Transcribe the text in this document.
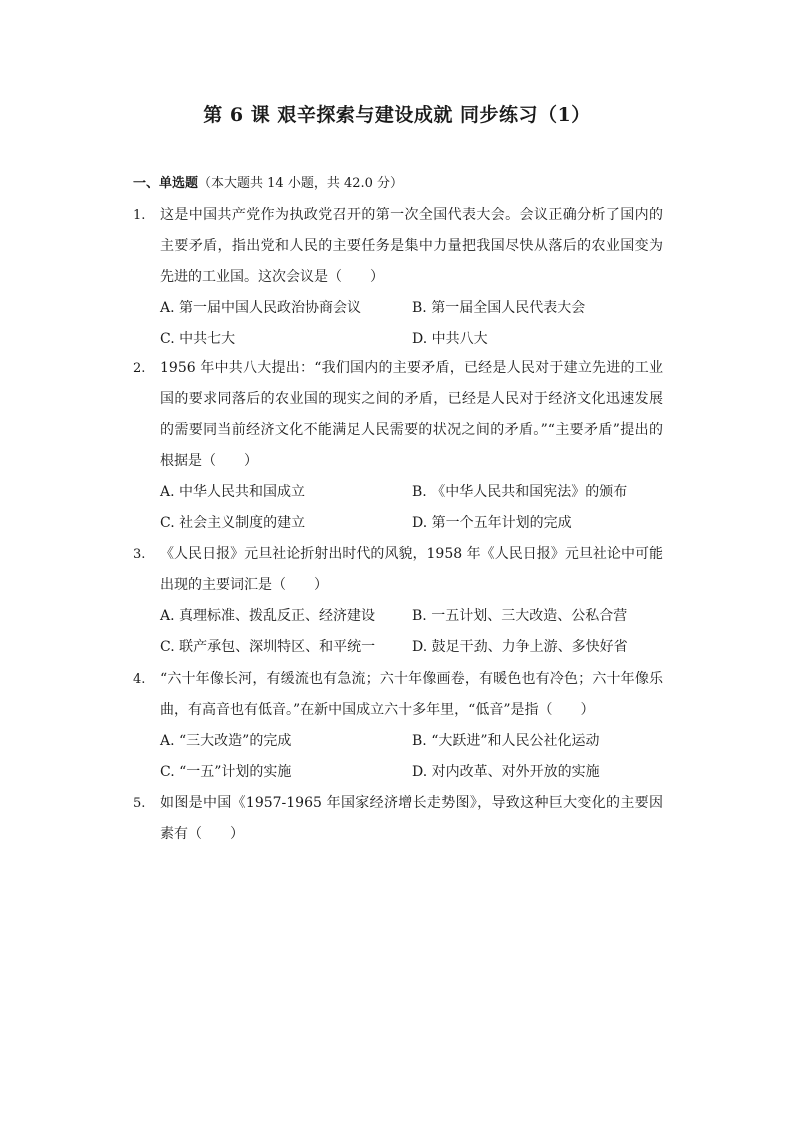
第 6 课 艰辛探索与建设成就 同步练习（1）
一、单选题（本大题共 14 小题，共 42.0 分）
1. 这是中国共产党作为执政党召开的第一次全国代表大会。会议正确分析了国内的主要矛盾，指出党和人民的主要任务是集中力量把我国尽快从落后的农业国变为先进的工业国。这次会议是（　　）
A. 第一届中国人民政治协商会议	B. 第一届全国人民代表大会
C. 中共七大	D. 中共八大
2. 1956 年中共八大提出：“我们国内的主要矛盾，已经是人民对于建立先进的工业国的要求同落后的农业国的现实之间的矛盾，已经是人民对于经济文化迅速发展的需要同当前经济文化不能满足人民需要的状况之间的矛盾。”“主要矛盾”提出的根据是（　　）
A. 中华人民共和国成立	B. 《中华人民共和国宪法》的颁布
C. 社会主义制度的建立	D. 第一个五年计划的完成
3. 《人民日报》元旦社论折射出时代的风貌，1958 年《人民日报》元旦社论中可能出现的主要词汇是（　　）
A. 真理标准、拨乱反正、经济建设	B. 一五计划、三大改造、公私合营
C. 联产承包、深圳特区、和平统一	D. 鼓足干劲、力争上游、多快好省
4. “六十年像长河，有缓流也有急流；六十年像画卷，有暖色也有冷色；六十年像乐曲，有高音也有低音。”在新中国成立六十多年里，“低音”是指（　　）
A. “三大改造”的完成	B. “大跃进”和人民公社化运动
C. “一五”计划的实施	D. 对内改革、对外开放的实施
5. 如图是中国《1957-1965 年国家经济增长走势图》，导致这种巨大变化的主要因素有（　　）
